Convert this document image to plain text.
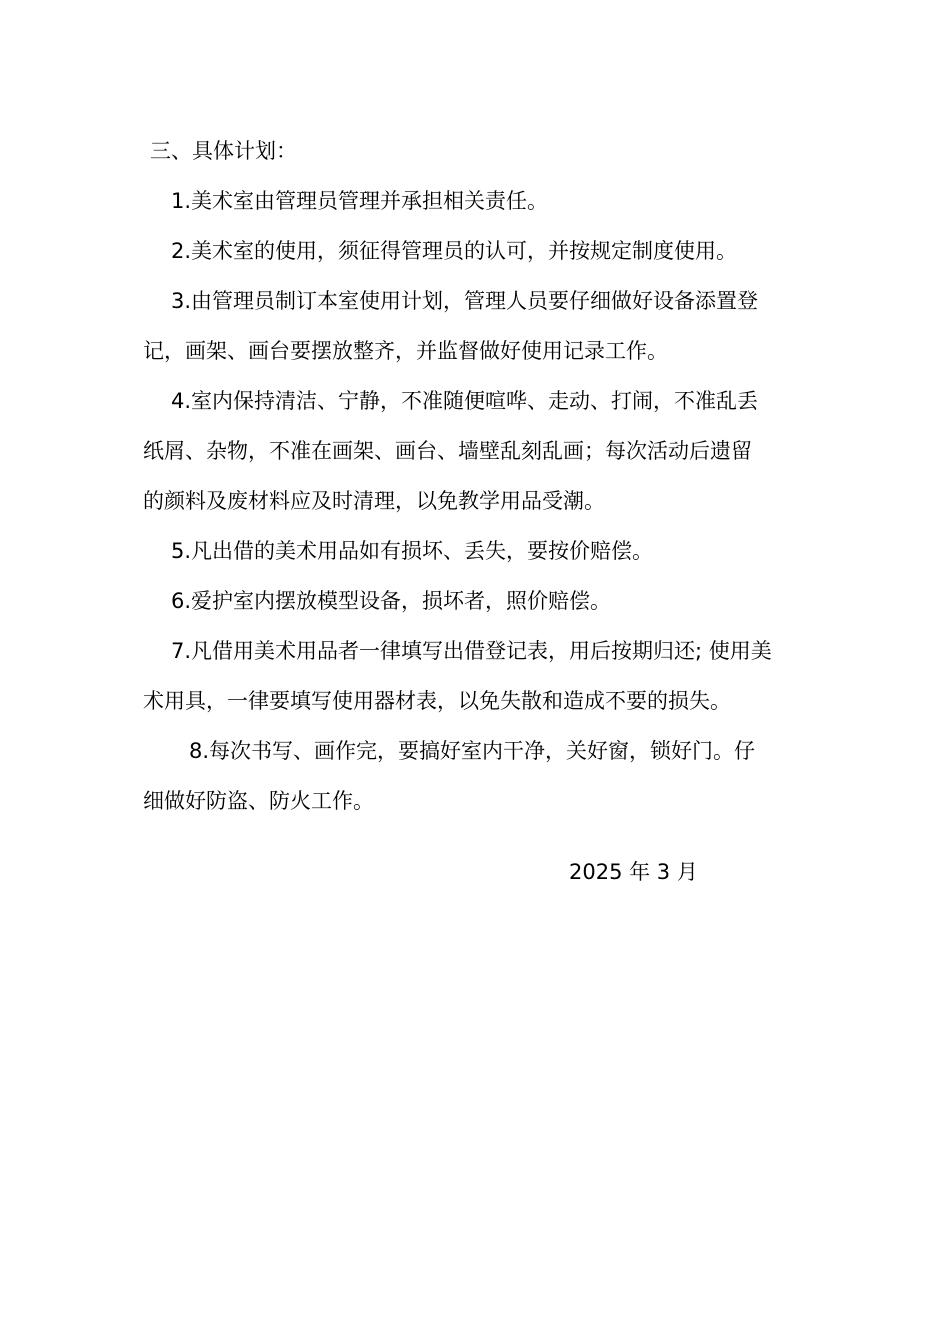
三、具体计划：
1.美术室由管理员管理并承担相关责任。
2.美术室的使用，须征得管理员的认可，并按规定制度使用。
3.由管理员制订本室使用计划，管理人员要仔细做好设备添置登
记，画架、画台要摆放整齐，并监督做好使用记录工作。
4.室内保持清洁、宁静，不准随便喧哗、走动、打闹，不准乱丢
纸屑、杂物，不准在画架、画台、墙壁乱刻乱画；每次活动后遗留
的颜料及废材料应及时清理，以免教学用品受潮。
5.凡出借的美术用品如有损坏、丢失，要按价赔偿。
6.爱护室内摆放模型设备，损坏者，照价赔偿。
7.凡借用美术用品者一律填写出借登记表，用后按期归还; 使用美
术用具，一律要填写使用器材表，以免失散和造成不要的损失。
8.每次书写、画作完，要搞好室内干净，关好窗，锁好门。仔
细做好防盗、防火工作。
2025 年 3 月
